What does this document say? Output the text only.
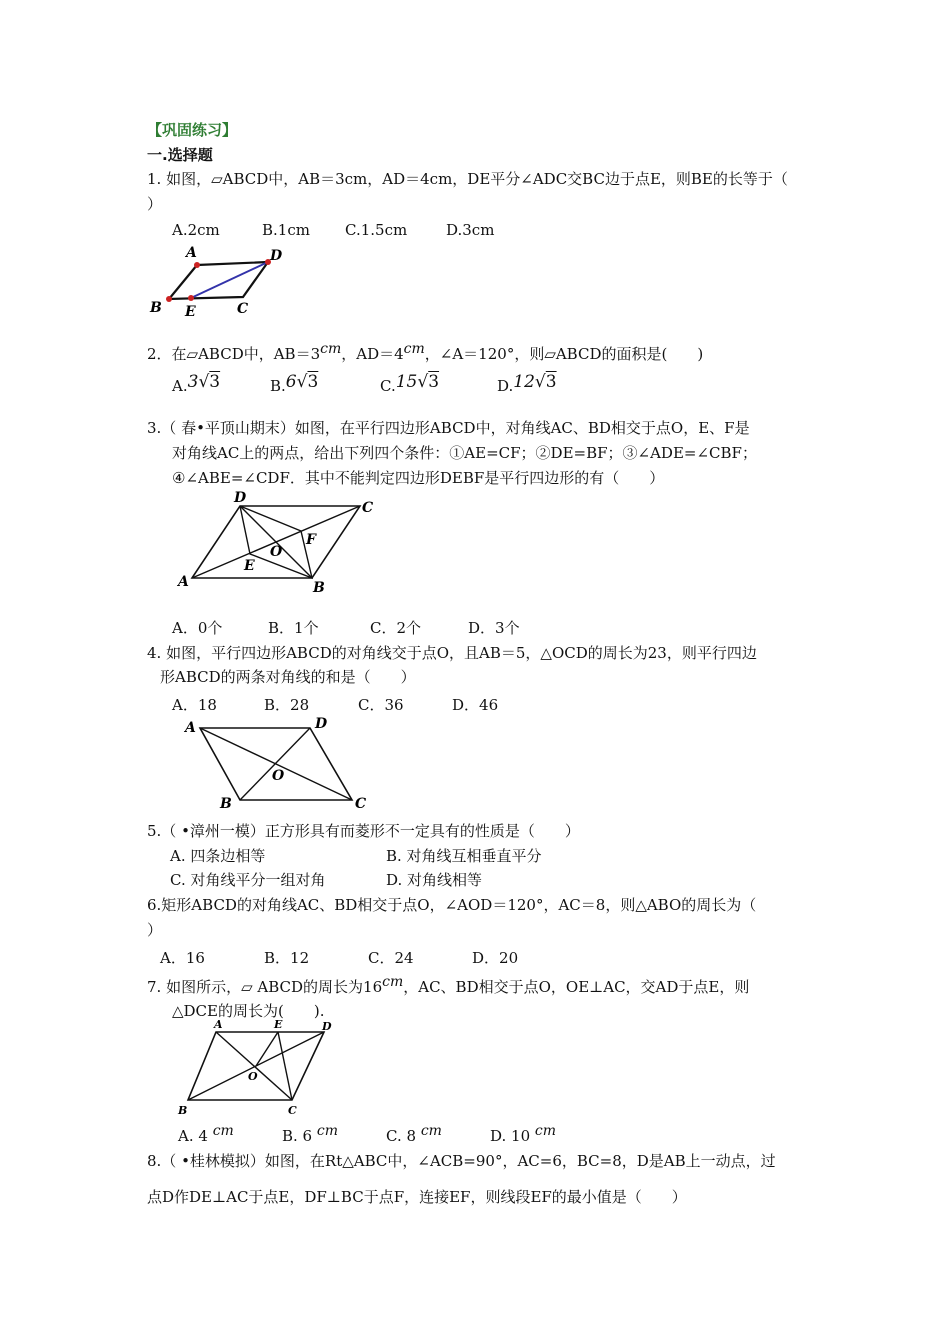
【巩固练习】
一.选择题
1. 如图，▱ABCD中，AB＝3cm，AD＝4cm，DE平分∠ADC交BC边于点E，则BE的长等于（
）
A.2cm	B.1cm C.1.5cm	D.3cm
A	D
B E	C
2．在▱ABCD中，AB＝3cm，AD＝4cm，∠A＝120°，则▱ABCD的面积是(　　)
A.3√3	B.6√3	C.15√3	D.12√3
3.（ 春•平顶山期末）如图，在平行四边形ABCD中，对角线AC、BD相交于点O，E、F是
对角线AC上的两点，给出下列四个条件：①AE=CF；②DE=BF；③∠ADE=∠CBF；
④∠ABE=∠CDF．其中不能判定四边形DEBF是平行四边形的有（　　）
D
C
A	B
E
F
O
A．0个	B．1个	C．2个	D．3个
4. 如图，平行四边形ABCD的对角线交于点O，且AB＝5，△OCD的周长为23，则平行四边
形ABCD的两条对角线的和是（　　）
A．18	B．28	C．36	D．46
A	D
B	C
O
5.（ •漳州一模）正方形具有而菱形不一定具有的性质是（　　）
A. 四条边相等	B. 对角线互相垂直平分
C. 对角线平分一组对角	D. 对角线相等
6.矩形ABCD的对角线AC、BD相交于点O，∠AOD＝120°，AC＝8，则△ABO的周长为（
）
A．16	B．12	C．24	D．20
7. 如图所示，▱ ABCD的周长为16cm，AC、BD相交于点O，OE⊥AC，交AD于点E，则
△DCE的周长为(　　).
A	E	D
B	C
O
A. 4 cm	B. 6 cm	C. 8 cm	D. 10 cm
8.（ •桂林模拟）如图，在Rt△ABC中，∠ACB=90°，AC=6，BC=8，D是AB上一动点，过
点D作DE⊥AC于点E，DF⊥BC于点F，连接EF，则线段EF的最小值是（　　）
